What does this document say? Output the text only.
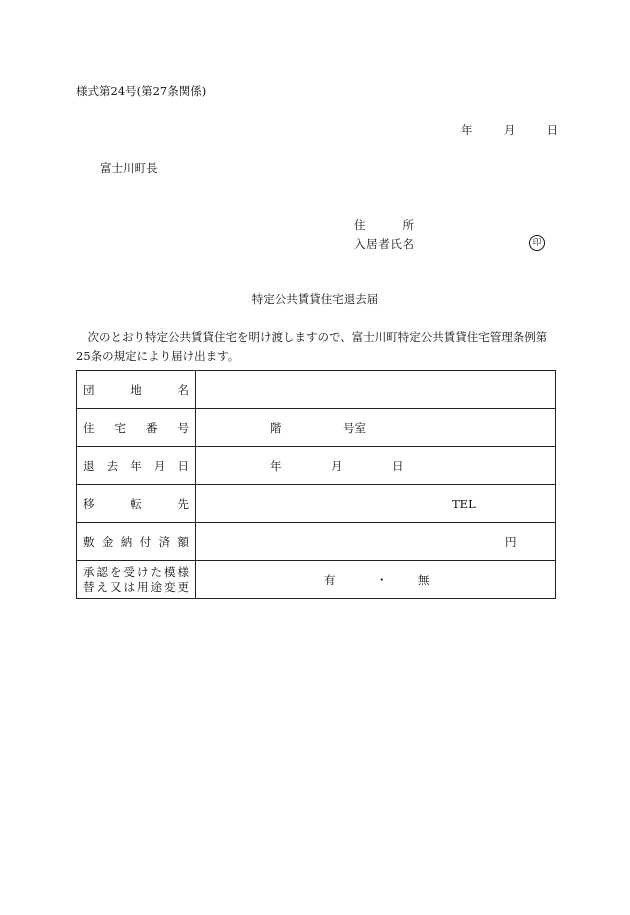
様式第24号(第27条関係)
年	月	日
富士川町長
住所
入居者氏名	印
特定公共賃貸住宅退去届
　次のとおり特定公共賃貸住宅を明け渡しますので、富士川町特定公共賃貸住宅管理条例第25条の規定により届け出ます。
団地名	

住宅番号	階 号室

退去年月日	年 月 日

移転先	TEL

敷金納付済額	円

承認を受けた模様
替え又は用途変更	有 ・ 無
